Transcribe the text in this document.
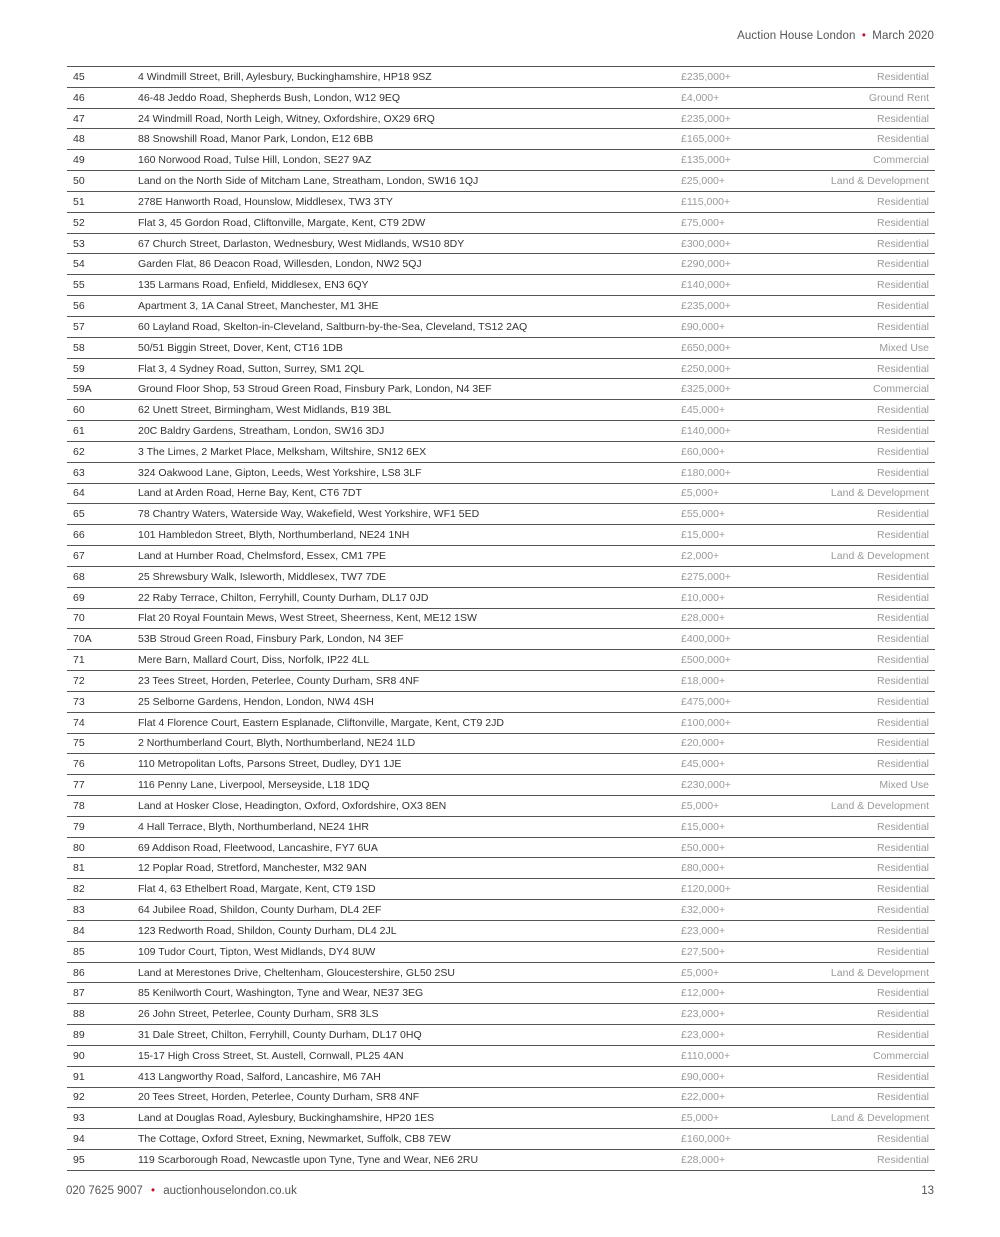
Auction House London • March 2020
45	4 Windmill Street, Brill, Aylesbury, Buckinghamshire, HP18 9SZ	£235,000+	Residential
46	46-48 Jeddo Road, Shepherds Bush, London, W12 9EQ	£4,000+	Ground Rent
47	24 Windmill Road, North Leigh, Witney, Oxfordshire, OX29 6RQ	£235,000+	Residential
48	88 Snowshill Road, Manor Park, London, E12 6BB	£165,000+	Residential
49	160 Norwood Road, Tulse Hill, London, SE27 9AZ	£135,000+	Commercial
50	Land on the North Side of Mitcham Lane, Streatham, London, SW16 1QJ	£25,000+	Land & Development
51	278E Hanworth Road, Hounslow, Middlesex, TW3 3TY	£115,000+	Residential
52	Flat 3, 45 Gordon Road, Cliftonville, Margate, Kent, CT9 2DW	£75,000+	Residential
53	67 Church Street, Darlaston, Wednesbury, West Midlands, WS10 8DY	£300,000+	Residential
54	Garden Flat, 86 Deacon Road, Willesden, London, NW2 5QJ	£290,000+	Residential
55	135 Larmans Road, Enfield, Middlesex, EN3 6QY	£140,000+	Residential
56	Apartment 3, 1A Canal Street, Manchester, M1 3HE	£235,000+	Residential
57	60 Layland Road, Skelton-in-Cleveland, Saltburn-by-the-Sea, Cleveland, TS12 2AQ	£90,000+	Residential
58	50/51 Biggin Street, Dover, Kent, CT16 1DB	£650,000+	Mixed Use
59	Flat 3, 4 Sydney Road, Sutton, Surrey, SM1 2QL	£250,000+	Residential
59A	Ground Floor Shop, 53 Stroud Green Road, Finsbury Park, London, N4 3EF	£325,000+	Commercial
60	62 Unett Street, Birmingham, West Midlands, B19 3BL	£45,000+	Residential
61	20C Baldry Gardens, Streatham, London, SW16 3DJ	£140,000+	Residential
62	3 The Limes, 2 Market Place, Melksham, Wiltshire, SN12 6EX	£60,000+	Residential
63	324 Oakwood Lane, Gipton, Leeds, West Yorkshire, LS8 3LF	£180,000+	Residential
64	Land at Arden Road, Herne Bay, Kent, CT6 7DT	£5,000+	Land & Development
65	78 Chantry Waters, Waterside Way, Wakefield, West Yorkshire, WF1 5ED	£55,000+	Residential
66	101 Hambledon Street, Blyth, Northumberland, NE24 1NH	£15,000+	Residential
67	Land at Humber Road, Chelmsford, Essex, CM1 7PE	£2,000+	Land & Development
68	25 Shrewsbury Walk, Isleworth, Middlesex, TW7 7DE	£275,000+	Residential
69	22 Raby Terrace, Chilton, Ferryhill, County Durham, DL17 0JD	£10,000+	Residential
70	Flat 20 Royal Fountain Mews, West Street, Sheerness, Kent, ME12 1SW	£28,000+	Residential
70A	53B Stroud Green Road, Finsbury Park, London, N4 3EF	£400,000+	Residential
71	Mere Barn, Mallard Court, Diss, Norfolk, IP22 4LL	£500,000+	Residential
72	23 Tees Street, Horden, Peterlee, County Durham, SR8 4NF	£18,000+	Residential
73	25 Selborne Gardens, Hendon, London, NW4 4SH	£475,000+	Residential
74	Flat 4 Florence Court, Eastern Esplanade, Cliftonville, Margate, Kent, CT9 2JD	£100,000+	Residential
75	2 Northumberland Court, Blyth, Northumberland, NE24 1LD	£20,000+	Residential
76	110 Metropolitan Lofts, Parsons Street, Dudley, DY1 1JE	£45,000+	Residential
77	116 Penny Lane, Liverpool, Merseyside, L18 1DQ	£230,000+	Mixed Use
78	Land at Hosker Close, Headington, Oxford, Oxfordshire, OX3 8EN	£5,000+	Land & Development
79	4 Hall Terrace, Blyth, Northumberland, NE24 1HR	£15,000+	Residential
80	69 Addison Road, Fleetwood, Lancashire, FY7 6UA	£50,000+	Residential
81	12 Poplar Road, Stretford, Manchester, M32 9AN	£80,000+	Residential
82	Flat 4, 63 Ethelbert Road, Margate, Kent, CT9 1SD	£120,000+	Residential
83	64 Jubilee Road, Shildon, County Durham, DL4 2EF	£32,000+	Residential
84	123 Redworth Road, Shildon, County Durham, DL4 2JL	£23,000+	Residential
85	109 Tudor Court, Tipton, West Midlands, DY4 8UW	£27,500+	Residential
86	Land at Merestones Drive, Cheltenham, Gloucestershire, GL50 2SU	£5,000+	Land & Development
87	85 Kenilworth Court, Washington, Tyne and Wear, NE37 3EG	£12,000+	Residential
88	26 John Street, Peterlee, County Durham, SR8 3LS	£23,000+	Residential
89	31 Dale Street, Chilton, Ferryhill, County Durham, DL17 0HQ	£23,000+	Residential
90	15-17 High Cross Street, St. Austell, Cornwall, PL25 4AN	£110,000+	Commercial
91	413 Langworthy Road, Salford, Lancashire, M6 7AH	£90,000+	Residential
92	20 Tees Street, Horden, Peterlee, County Durham, SR8 4NF	£22,000+	Residential
93	Land at Douglas Road, Aylesbury, Buckinghamshire, HP20 1ES	£5,000+	Land & Development
94	The Cottage, Oxford Street, Exning, Newmarket, Suffolk, CB8 7EW	£160,000+	Residential
95	119 Scarborough Road, Newcastle upon Tyne, Tyne and Wear, NE6 2RU	£28,000+	Residential
020 7625 9007 • auctionhouselondon.co.uk	13
